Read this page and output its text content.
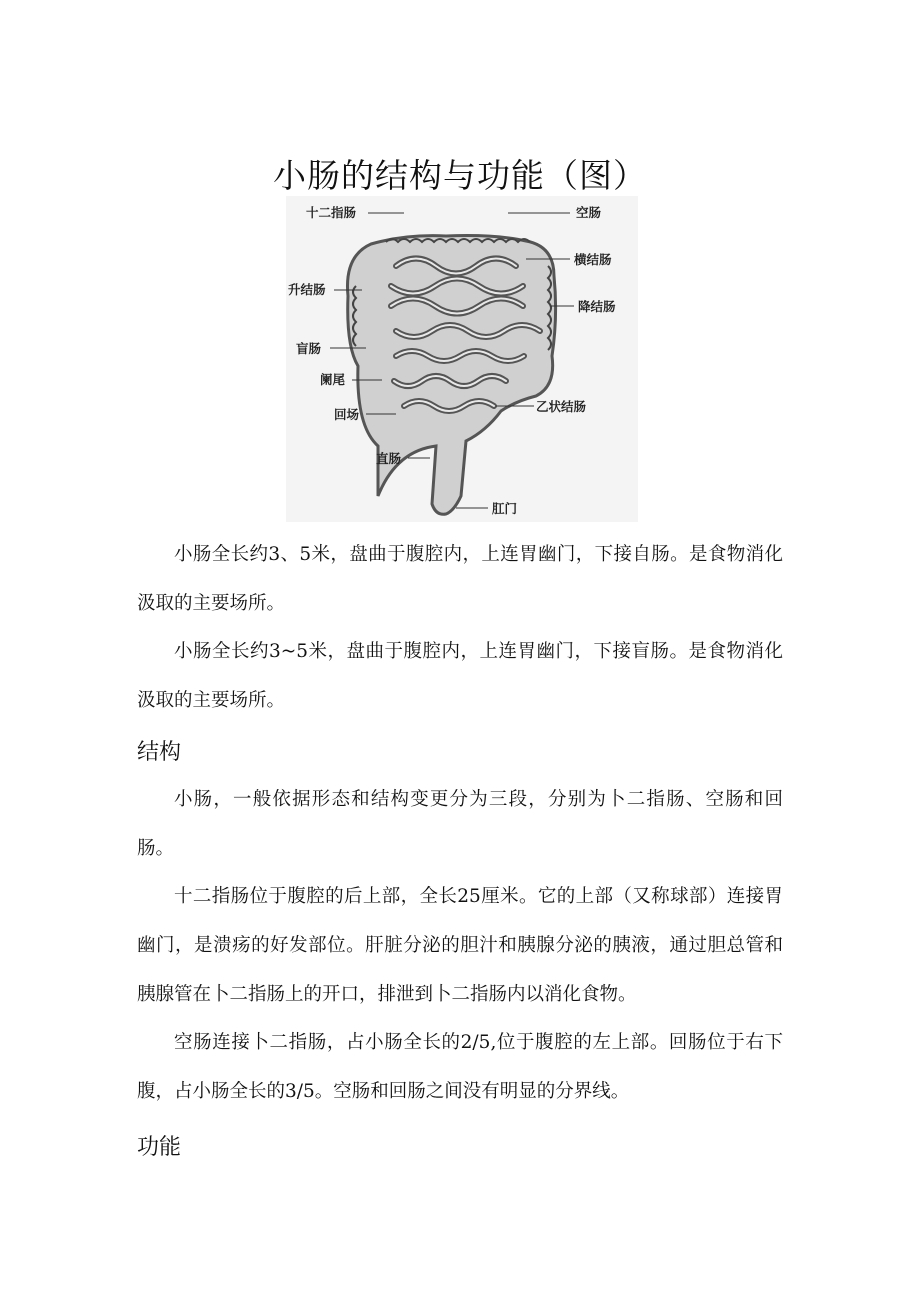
小肠的结构与功能（图）
十二指肠	空肠
横结肠
升结肠
降结肠
盲肠
阑尾
回场
乙状结肠
直肠
肛门

小肠全长约3、5米，盘曲于腹腔内，上连胃幽门，下接自肠。是食物消化汲取的主要场所。

小肠全长约3~5米，盘曲于腹腔内，上连胃幽门，下接盲肠。是食物消化汲取的主要场所。

结构

小肠，一般依据形态和结构变更分为三段，分别为卜二指肠、空肠和回肠。

十二指肠位于腹腔的后上部，全长25厘米。它的上部（又称球部）连接胃幽门，是溃疡的好发部位。肝脏分泌的胆汁和胰腺分泌的胰液，通过胆总管和胰腺管在卜二指肠上的开口，排泄到卜二指肠内以消化食物。

空肠连接卜二指肠，占小肠全长的2/5,位于腹腔的左上部。回肠位于右下腹，占小肠全长的3/5。空肠和回肠之间没有明显的分界线。

功能
